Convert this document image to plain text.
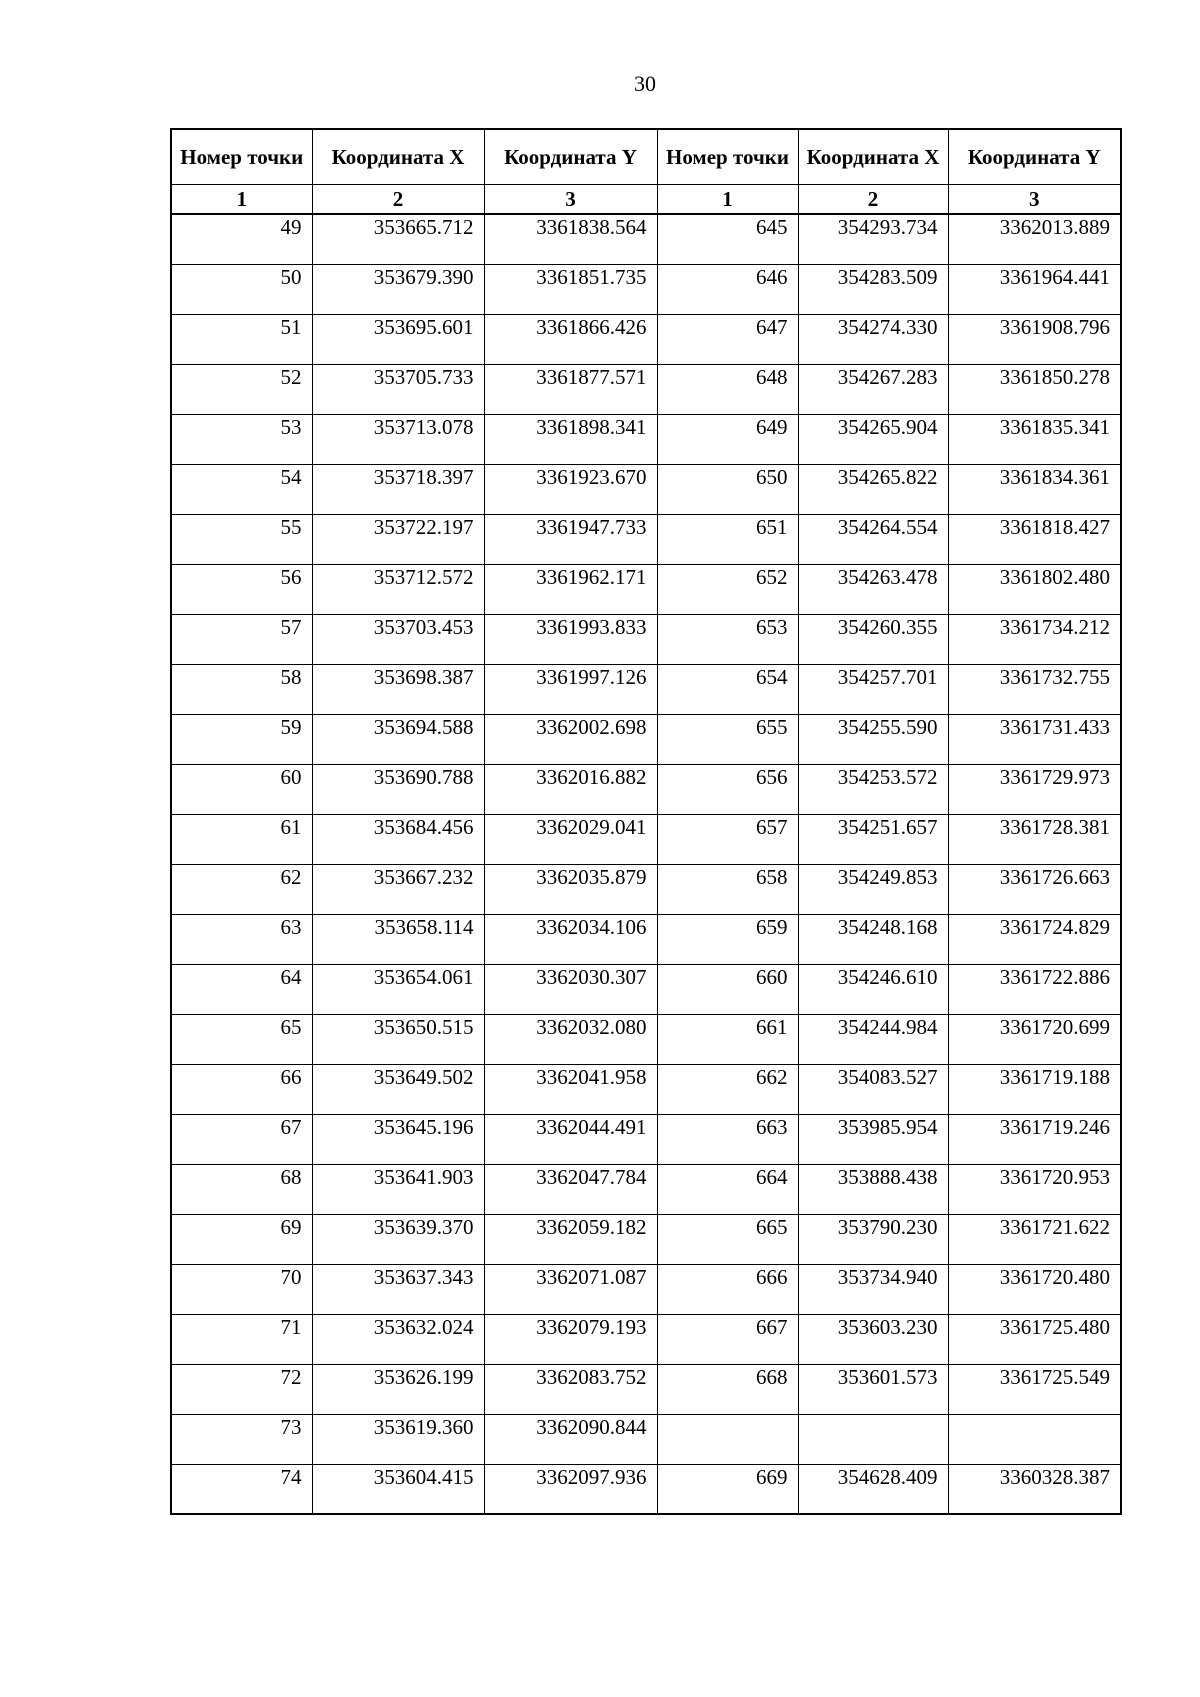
30
Номер точки	Координата X	Координата Y	Номер точки	Координата X	Координата Y
1	2	3	1	2	3
49	353665.712	3361838.564	645	354293.734	3362013.889
50	353679.390	3361851.735	646	354283.509	3361964.441
51	353695.601	3361866.426	647	354274.330	3361908.796
52	353705.733	3361877.571	648	354267.283	3361850.278
53	353713.078	3361898.341	649	354265.904	3361835.341
54	353718.397	3361923.670	650	354265.822	3361834.361
55	353722.197	3361947.733	651	354264.554	3361818.427
56	353712.572	3361962.171	652	354263.478	3361802.480
57	353703.453	3361993.833	653	354260.355	3361734.212
58	353698.387	3361997.126	654	354257.701	3361732.755
59	353694.588	3362002.698	655	354255.590	3361731.433
60	353690.788	3362016.882	656	354253.572	3361729.973
61	353684.456	3362029.041	657	354251.657	3361728.381
62	353667.232	3362035.879	658	354249.853	3361726.663
63	353658.114	3362034.106	659	354248.168	3361724.829
64	353654.061	3362030.307	660	354246.610	3361722.886
65	353650.515	3362032.080	661	354244.984	3361720.699
66	353649.502	3362041.958	662	354083.527	3361719.188
67	353645.196	3362044.491	663	353985.954	3361719.246
68	353641.903	3362047.784	664	353888.438	3361720.953
69	353639.370	3362059.182	665	353790.230	3361721.622
70	353637.343	3362071.087	666	353734.940	3361720.480
71	353632.024	3362079.193	667	353603.230	3361725.480
72	353626.199	3362083.752	668	353601.573	3361725.549
73	353619.360	3362090.844			
74	353604.415	3362097.936	669	354628.409	3360328.387
